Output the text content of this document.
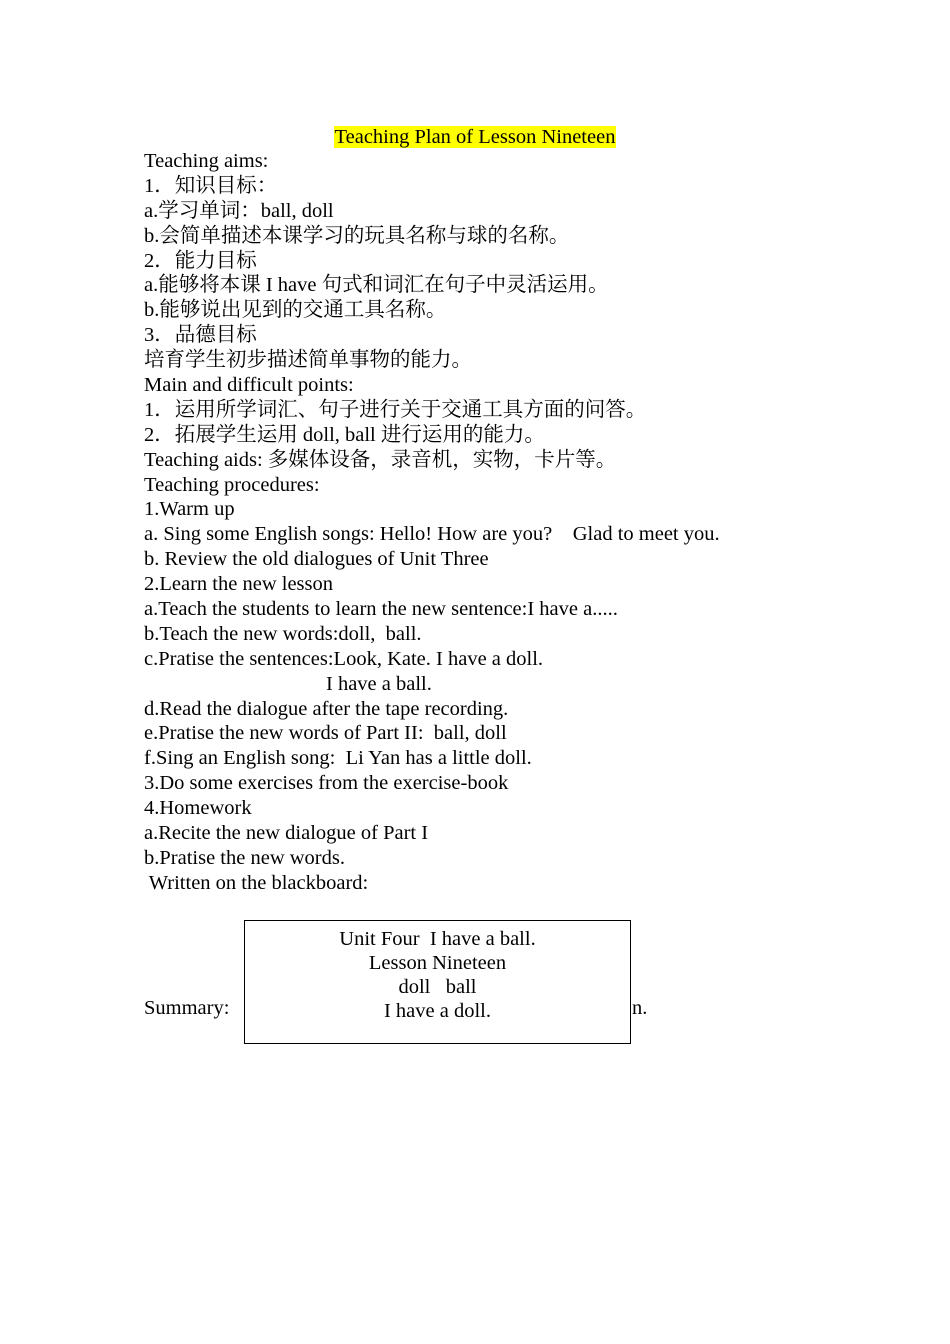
Teaching Plan of Lesson Nineteen
Teaching aims:
1．知识目标：
a.学习单词：ball, doll
b.会简单描述本课学习的玩具名称与球的名称。
2．能力目标
a.能够将本课 I have 句式和词汇在句子中灵活运用。
b.能够说出见到的交通工具名称。
3．品德目标
培育学生初步描述简单事物的能力。
Main and difficult points:
1．运用所学词汇、句子进行关于交通工具方面的问答。
2．拓展学生运用 doll, ball 进行运用的能力。
Teaching aids: 多媒体设备，录音机，实物，卡片等。
Teaching procedures:
1.Warm up
a. Sing some English songs: Hello! How are you?    Glad to meet you.
b. Review the old dialogues of Unit Three
2.Learn the new lesson
a.Teach the students to learn the new sentence:I have a.....
b.Teach the new words:doll,  ball.
c.Pratise the sentences:Look, Kate. I have a doll.
I have a ball.
d.Read the dialogue after the tape recording.
e.Pratise the new words of Part II:  ball, doll
f.Sing an English song:  Li Yan has a little doll.
3.Do some exercises from the exercise-book
4.Homework
a.Recite the new dialogue of Part I
b.Pratise the new words.
Written on the blackboard:
Summary:	n.
Unit Four  I have a ball.
Lesson Nineteen
doll   ball
I have a doll.
